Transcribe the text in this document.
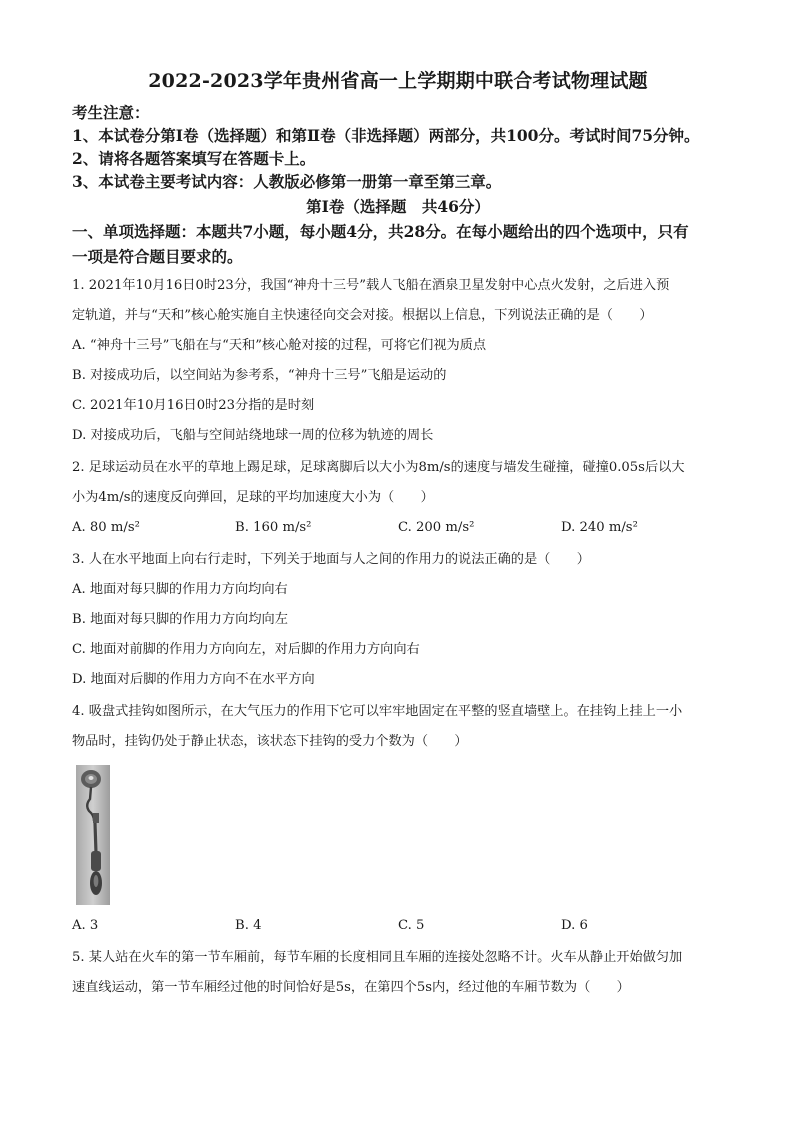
2022-2023学年贵州省高一上学期期中联合考试物理试题
考生注意：
1、本试卷分第Ⅰ卷（选择题）和第Ⅱ卷（非选择题）两部分，共100分。考试时间75分钟。
2、请将各题答案填写在答题卡上。
3、本试卷主要考试内容：人教版必修第一册第一章至第三章。
第Ⅰ卷（选择题　共46分）
一、单项选择题：本题共7小题，每小题4分，共28分。在每小题给出的四个选项中，只有
一项是符合题目要求的。
1. 2021年10月16日0时23分，我国“神舟十三号”载人飞船在酒泉卫星发射中心点火发射，之后进入预
定轨道，并与“天和”核心舱实施自主快速径向交会对接。根据以上信息，下列说法正确的是（　　）
A. “神舟十三号”飞船在与“天和”核心舱对接的过程，可将它们视为质点
B. 对接成功后，以空间站为参考系，“神舟十三号”飞船是运动的
C. 2021年10月16日0时23分指的是时刻
D. 对接成功后，飞船与空间站绕地球一周的位移为轨迹的周长
2. 足球运动员在水平的草地上踢足球，足球离脚后以大小为8m/s的速度与墙发生碰撞，碰撞0.05s后以大
小为4m/s的速度反向弹回，足球的平均加速度大小为（　　）
A. 80 m/s²	B. 160 m/s²	C. 200 m/s²	D. 240 m/s²
3. 人在水平地面上向右行走时，下列关于地面与人之间的作用力的说法正确的是（　　）
A. 地面对每只脚的作用力方向均向右
B. 地面对每只脚的作用力方向均向左
C. 地面对前脚的作用力方向向左，对后脚的作用力方向向右
D. 地面对后脚的作用力方向不在水平方向
4. 吸盘式挂钩如图所示，在大气压力的作用下它可以牢牢地固定在平整的竖直墙壁上。在挂钩上挂上一小
物品时，挂钩仍处于静止状态，该状态下挂钩的受力个数为（　　）
A. 3	B. 4	C. 5	D. 6
5. 某人站在火车的第一节车厢前，每节车厢的长度相同且车厢的连接处忽略不计。火车从静止开始做匀加
速直线运动，第一节车厢经过他的时间恰好是5s，在第四个5s内，经过他的车厢节数为（　　）
